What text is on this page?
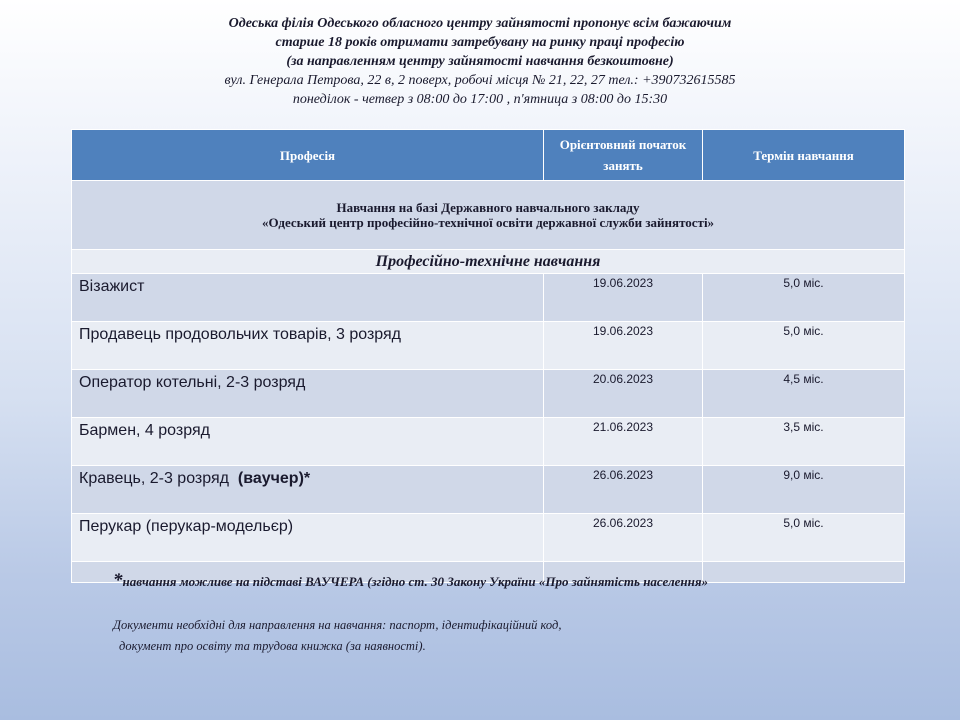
Одеська філія Одеського обласного центру зайнятості пропонує всім бажаючим
старше 18 років отримати затребувану на ринку праці професію
(за направленням центру зайнятості навчання безкоштовне)
вул. Генерала Петрова, 22 в, 2 поверх, робочі місця № 21, 22, 27 тел.: +390732615585
понеділок - четвер з 08:00 до 17:00 , п'ятница з 08:00 до 15:30
Професія	Орієнтовний початок занять	Термін навчання

Навчання на базі Державного навчального закладу
«Одеський центр професійно-технічної освіти державної служби зайнятості»		

Професійно-технічне навчання		
Візажист	19.06.2023	5,0 міс.
Продавець продовольчих товарів, 3 розряд	19.06.2023	5,0 міс.
Оператор котельні, 2-3 розряд	20.06.2023	4,5 міс.
Бармен, 4 розряд	21.06.2023	3,5 міс.
Кравець, 2-3 розряд (ваучер)*	26.06.2023	9,0 міс.
Перукар (перукар-модельєр)	26.06.2023	5,0 міс.

*навчання можливе на підставі ВАУЧЕРА (згідно ст. 30 Закону України «Про зайнятість населення»
Документи необхідні для направлення на навчання: паспорт, ідентифікаційний код,
документ про освіту та трудова книжка (за наявності).
